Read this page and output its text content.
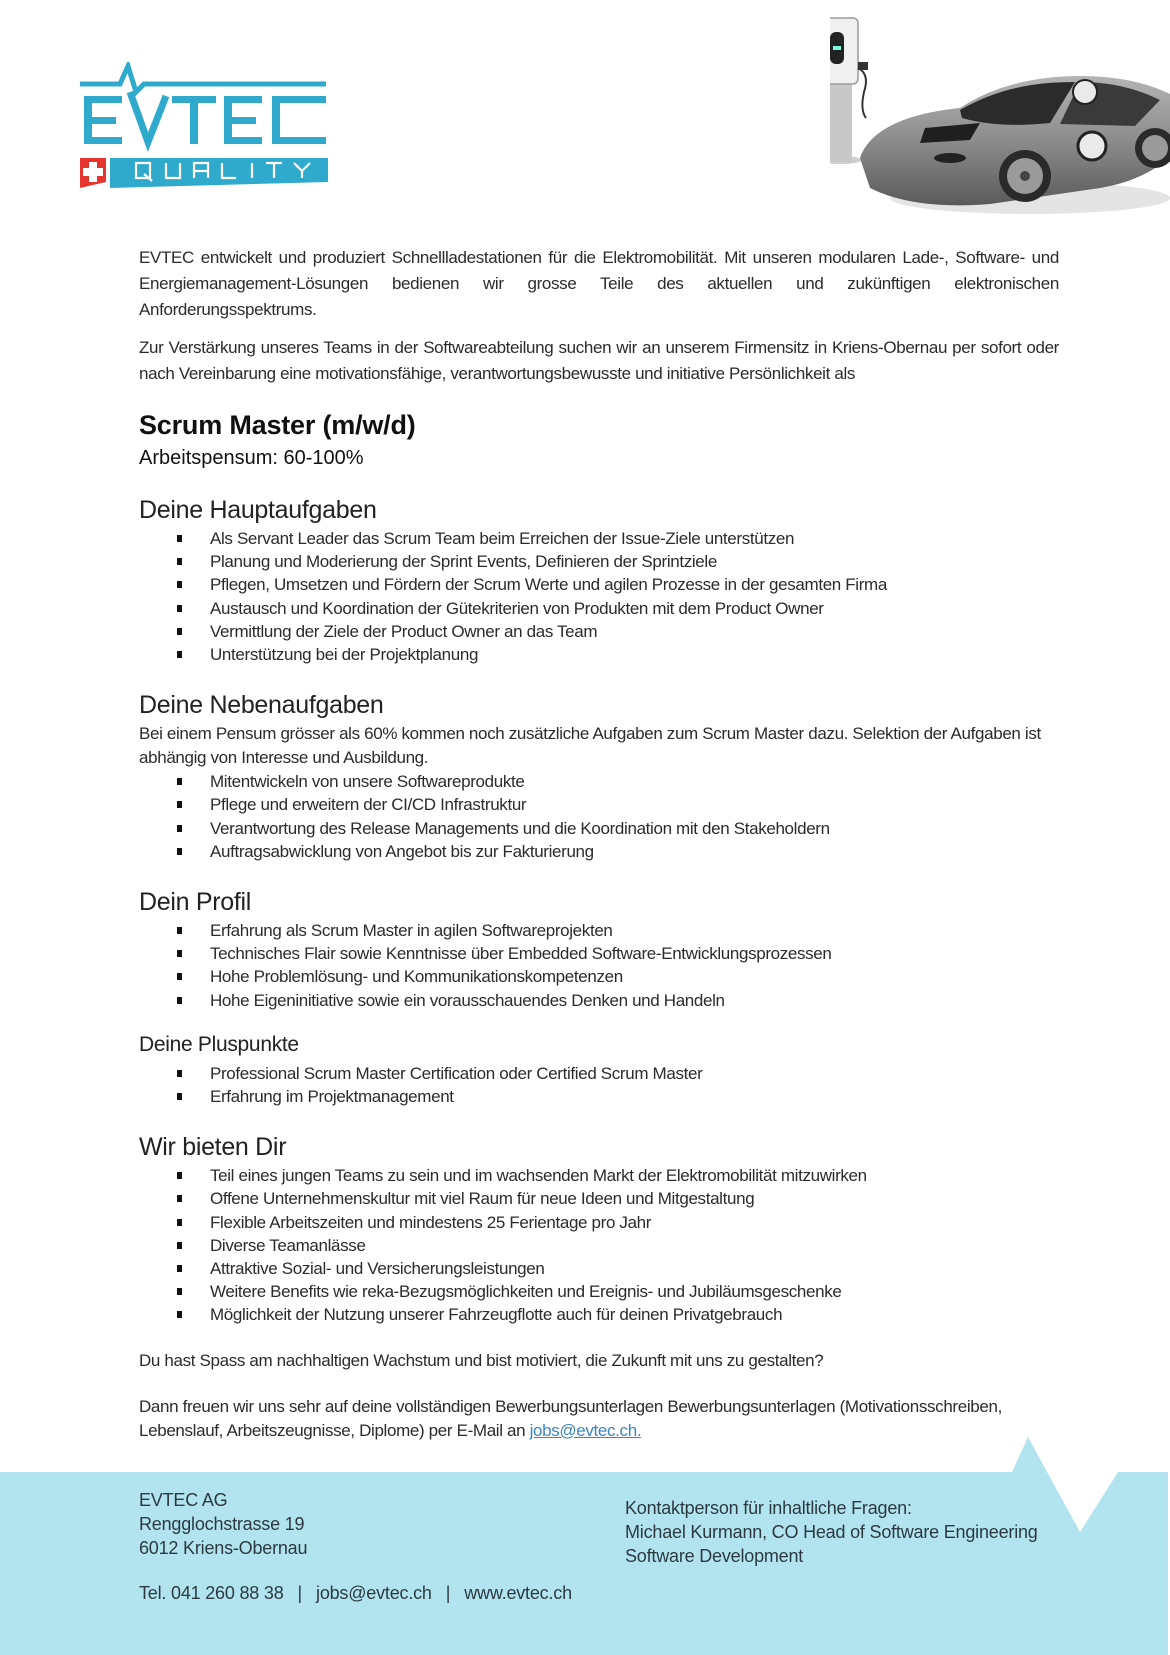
EVTEC entwickelt und produziert Schnellladestationen für die Elektromobilität. Mit unseren modularen Lade-, Software- und Energiemanagement-Lösungen bedienen wir grosse Teile des aktuellen und zukünftigen elektronischen Anforderungsspektrums.

Zur Verstärkung unseres Teams in der Softwareabteilung suchen wir an unserem Firmensitz in Kriens-Obernau per sofort oder nach Vereinbarung eine motivationsfähige, verantwortungsbewusste und initiative Persönlichkeit als

Scrum Master (m/w/d)
Arbeitspensum: 60-100%
Deine Hauptaufgaben
Als Servant Leader das Scrum Team beim Erreichen der Issue-Ziele unterstützen
Planung und Moderierung der Sprint Events, Definieren der Sprintziele
Pflegen, Umsetzen und Fördern der Scrum Werte und agilen Prozesse in der gesamten Firma
Austausch und Koordination der Gütekriterien von Produkten mit dem Product Owner
Vermittlung der Ziele der Product Owner an das Team
Unterstützung bei der Projektplanung
Deine Nebenaufgaben

Bei einem Pensum grösser als 60% kommen noch zusätzliche Aufgaben zum Scrum Master dazu. Selektion der Aufgaben ist abhängig von Interesse und Ausbildung.

Mitentwickeln von unsere Softwareprodukte
Pflege und erweitern der CI/CD Infrastruktur
Verantwortung des Release Managements und die Koordination mit den Stakeholdern
Auftragsabwicklung von Angebot bis zur Fakturierung
Dein Profil
Erfahrung als Scrum Master in agilen Softwareprojekten
Technisches Flair sowie Kenntnisse über Embedded Software-Entwicklungsprozessen
Hohe Problemlösung- und Kommunikationskompetenzen
Hohe Eigeninitiative sowie ein vorausschauendes Denken und Handeln
Deine Pluspunkte
Professional Scrum Master Certification oder Certified Scrum Master
Erfahrung im Projektmanagement
Wir bieten Dir
Teil eines jungen Teams zu sein und im wachsenden Markt der Elektromobilität mitzuwirken
Offene Unternehmenskultur mit viel Raum für neue Ideen und Mitgestaltung
Flexible Arbeitszeiten und mindestens 25 Ferientage pro Jahr
Diverse Teamanlässe
Attraktive Sozial- und Versicherungsleistungen
Weitere Benefits wie reka-Bezugsmöglichkeiten und Ereignis- und Jubiläumsgeschenke
Möglichkeit der Nutzung unserer Fahrzeugflotte auch für deinen Privatgebrauch

Du hast Spass am nachhaltigen Wachstum und bist motiviert, die Zukunft mit uns zu gestalten?

Dann freuen wir uns sehr auf deine vollständigen Bewerbungsunterlagen Bewerbungsunterlagen (Motivationsschreiben, Lebenslauf, Arbeitszeugnisse, Diplome) per E-Mail an jobs@evtec.ch.

EVTEC AG
Rengglochstrasse 19
6012 Kriens-Obernau
Kontaktperson für inhaltliche Fragen:
Michael Kurmann, CO Head of Software Engineering
Software Development
Tel. 041 260 88 38 | jobs@evtec.ch | www.evtec.ch
